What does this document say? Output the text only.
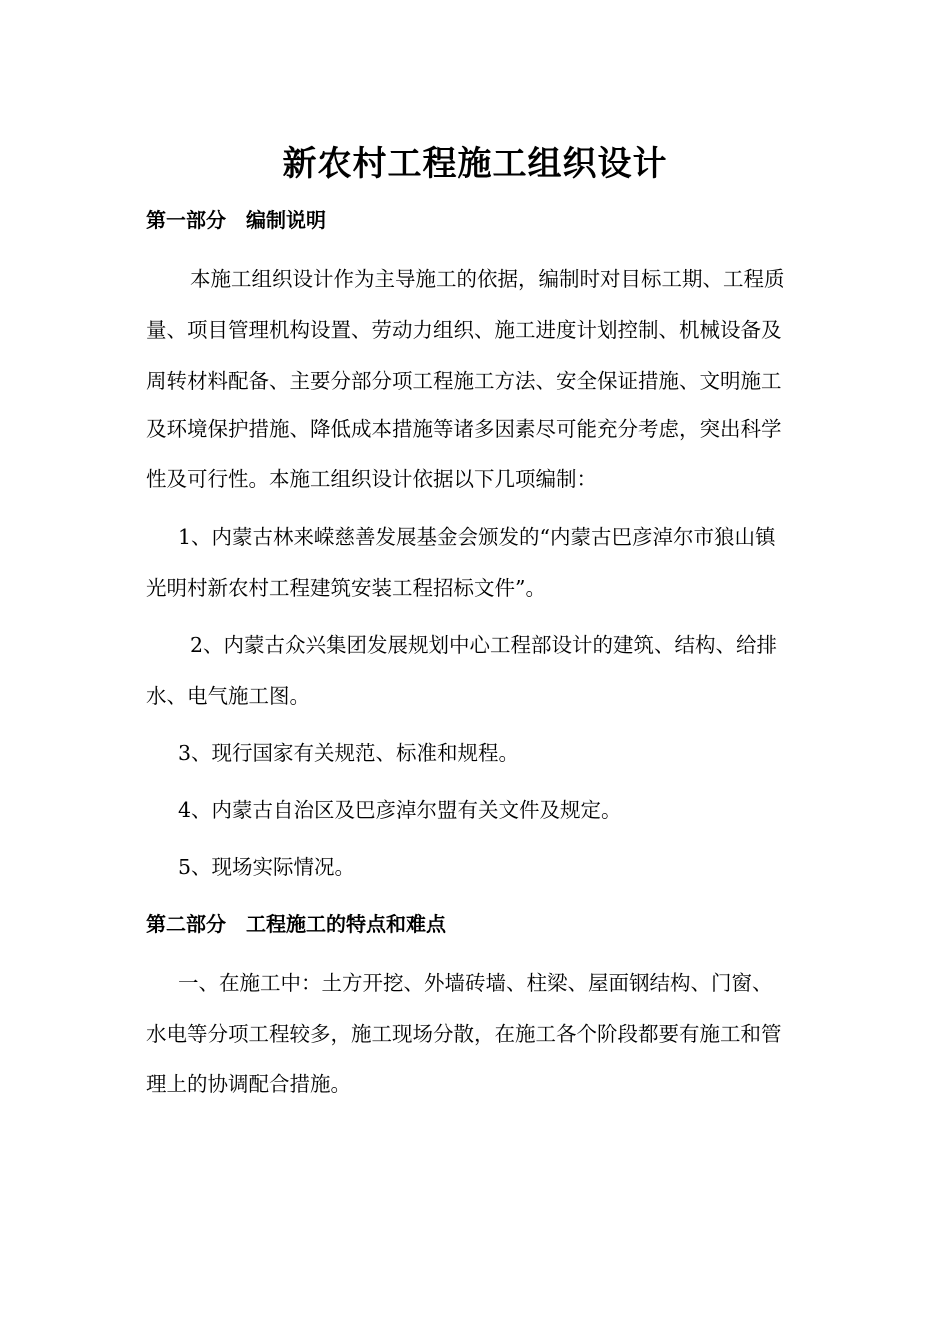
新农村工程施工组织设计
第一部分　编制说明
本施工组织设计作为主导施工的依据，编制时对目标工期、工程质
量、项目管理机构设置、劳动力组织、施工进度计划控制、机械设备及
周转材料配备、主要分部分项工程施工方法、安全保证措施、文明施工
及环境保护措施、降低成本措施等诸多因素尽可能充分考虑，突出科学
性及可行性。本施工组织设计依据以下几项编制：
1、内蒙古林来嵘慈善发展基金会颁发的“内蒙古巴彦淖尔市狼山镇
光明村新农村工程建筑安装工程招标文件”。
2、内蒙古众兴集团发展规划中心工程部设计的建筑、结构、给排
水、电气施工图。
3、现行国家有关规范、标准和规程。
4、内蒙古自治区及巴彦淖尔盟有关文件及规定。
5、现场实际情况。
第二部分　工程施工的特点和难点
一、在施工中：土方开挖、外墙砖墙、柱梁、屋面钢结构、门窗、
水电等分项工程较多，施工现场分散，在施工各个阶段都要有施工和管
理上的协调配合措施。
